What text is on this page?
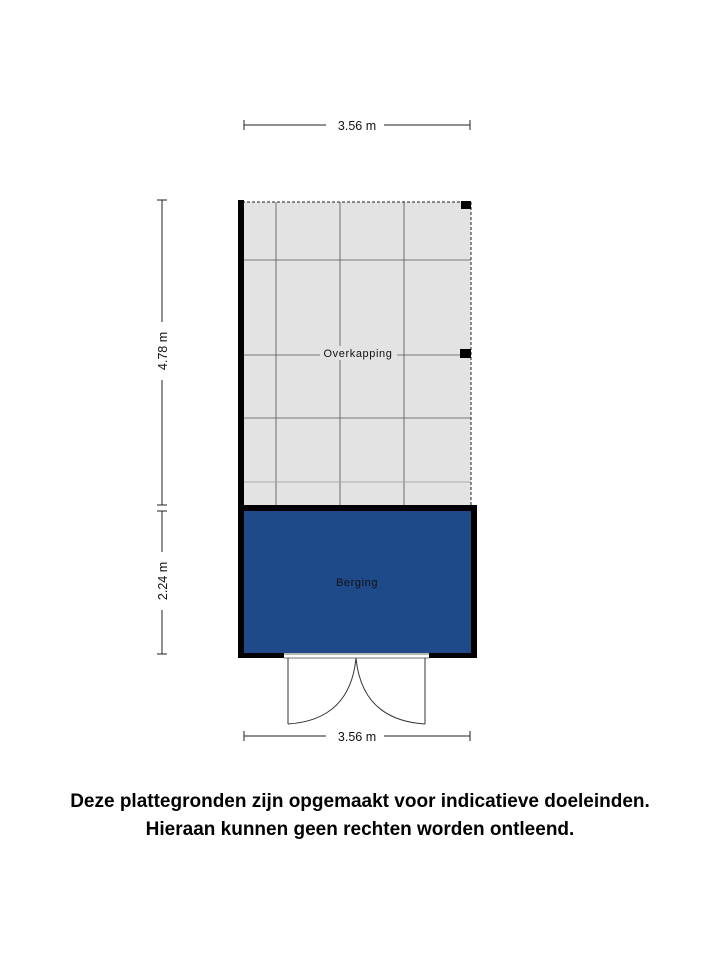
3.56 m
4.78 m
2.24 m
Overkapping
Berging
3.56 m
Deze plattegronden zijn opgemaakt voor indicatieve doeleinden.
Hieraan kunnen geen rechten worden ontleend.
